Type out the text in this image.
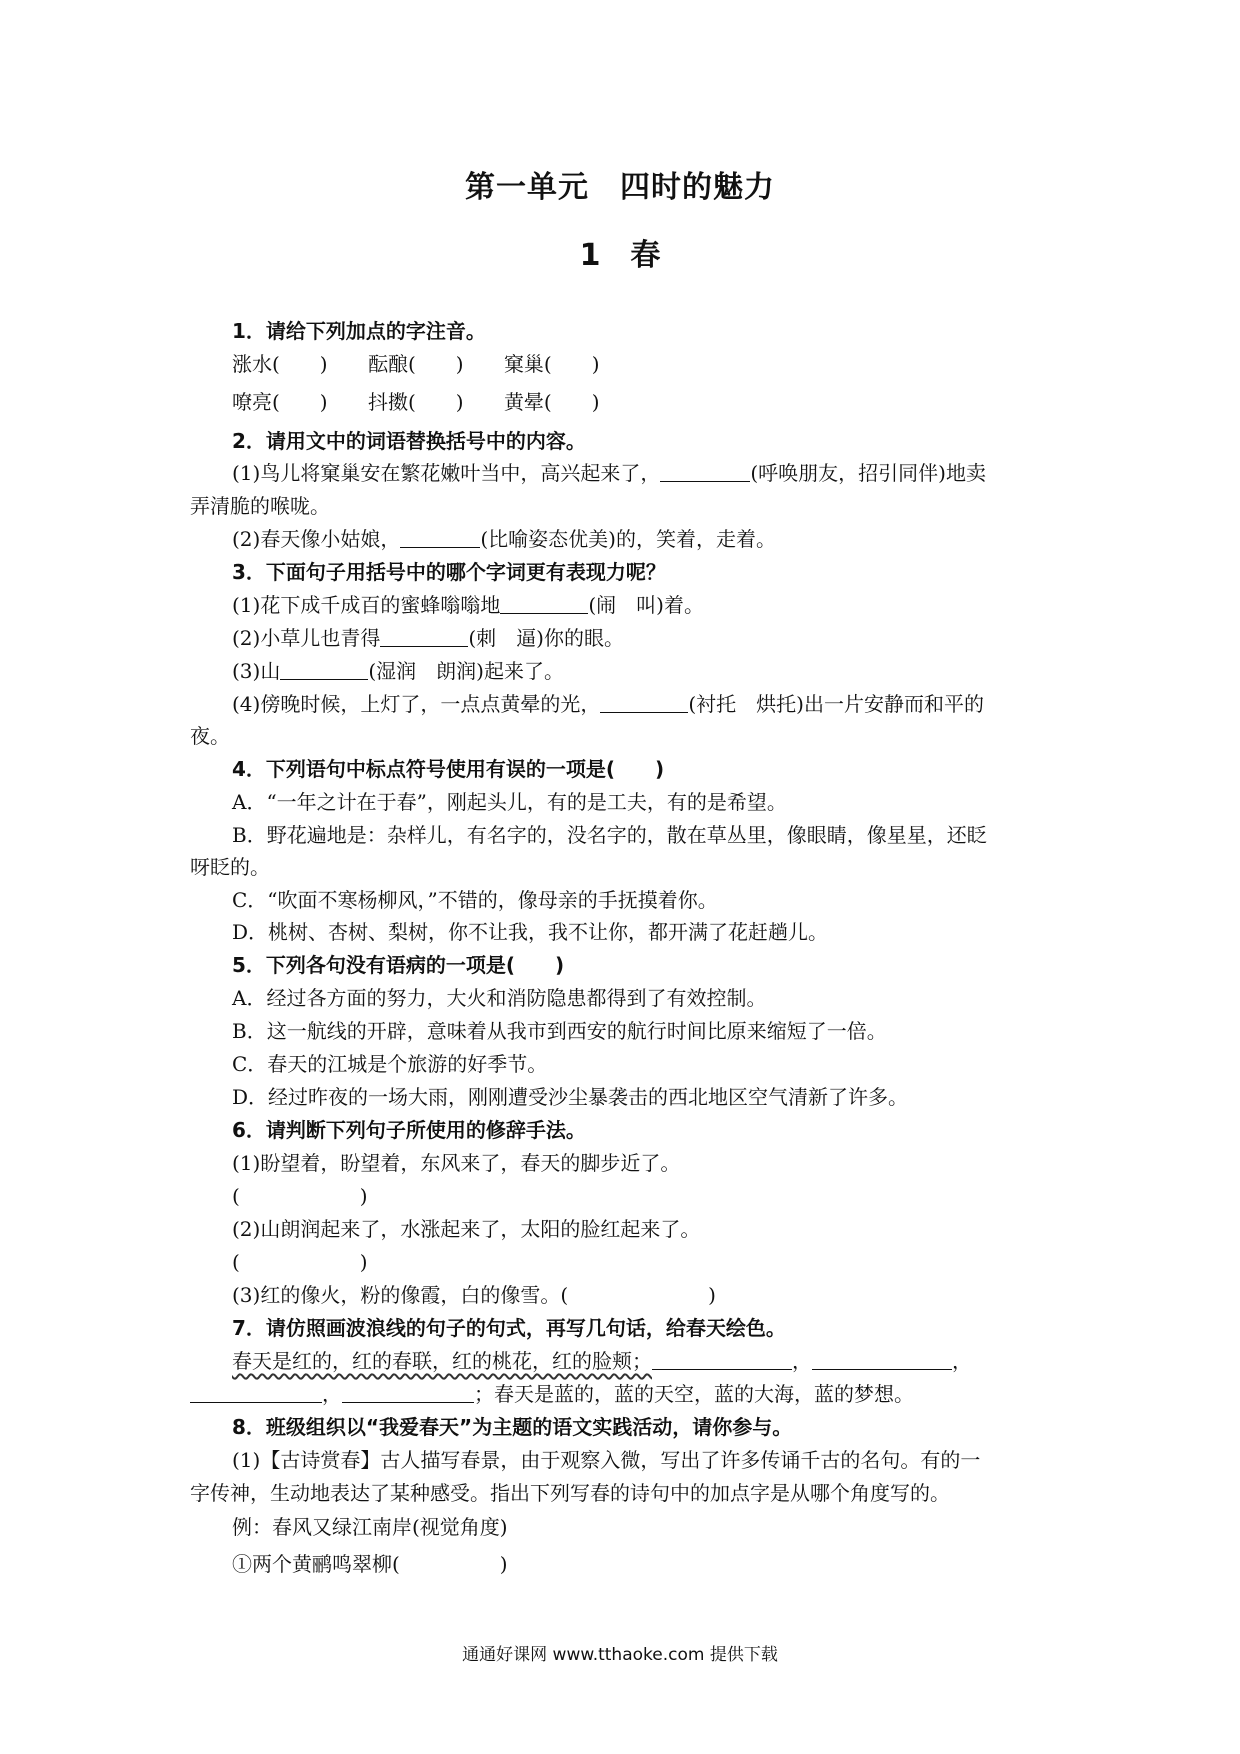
第一单元　四时的魅力
1　春
1．请给下列加点的字注音。
涨水(　　) 酝酿(　　) 窠巢(　　)
嘹亮(　　) 抖擞(　　) 黄晕(　　)
2．请用文中的词语替换括号中的内容。
(1)鸟儿将窠巢安在繁花嫩叶当中，高兴起来了，	(呼唤朋友，招引同伴)地卖
弄清脆的喉咙。
(2)春天像小姑娘，	(比喻姿态优美)的，笑着，走着。
3．下面句子用括号中的哪个字词更有表现力呢？
(1)花下成千成百的蜜蜂嗡嗡地	(闹　叫)着。
(2)小草儿也青得	(刺　逼)你的眼。
(3)山	(湿润　朗润)起来了。
(4)傍晚时候，上灯了，一点点黄晕的光，	(衬托　烘托)出一片安静而和平的
夜。
4．下列语句中标点符号使用有误的一项是(　　)
A．“一年之计在于春”，刚起头儿，有的是工夫，有的是希望。
B．野花遍地是：杂样儿，有名字的，没名字的，散在草丛里，像眼睛，像星星，还眨
呀眨的。
C．“吹面不寒杨柳风，”不错的，像母亲的手抚摸着你。
D．桃树、杏树、梨树，你不让我，我不让你，都开满了花赶趟儿。
5．下列各句没有语病的一项是(　　)
A．经过各方面的努力，大火和消防隐患都得到了有效控制。
B．这一航线的开辟，意味着从我市到西安的航行时间比原来缩短了一倍。
C．春天的江城是个旅游的好季节。
D．经过昨夜的一场大雨，刚刚遭受沙尘暴袭击的西北地区空气清新了许多。
6．请判断下列句子所使用的修辞手法。
(1)盼望着，盼望着，东风来了，春天的脚步近了。
(　　　　　　)
(2)山朗润起来了，水涨起来了，太阳的脸红起来了。
(　　　　　　)
(3)红的像火，粉的像霞，白的像雪。(　　　　　　　)
7．请仿照画波浪线的句子的句式，再写几句话，给春天绘色。
春天是红的，红的春联，红的桃花，红的脸颊；	，	，
，	；春天是蓝的，蓝的天空，蓝的大海，蓝的梦想。
8．班级组织以“我爱春天”为主题的语文实践活动，请你参与。
(1)【古诗赏春】古人描写春景，由于观察入微，写出了许多传诵千古的名句。有的一
字传神，生动地表达了某种感受。指出下列写春的诗句中的加点字是从哪个角度写的。
例：春风又绿江南岸(视觉角度)
①两个黄鹂鸣翠柳(　　　　　)
通通好课网 www.tthaoke.com 提供下载
